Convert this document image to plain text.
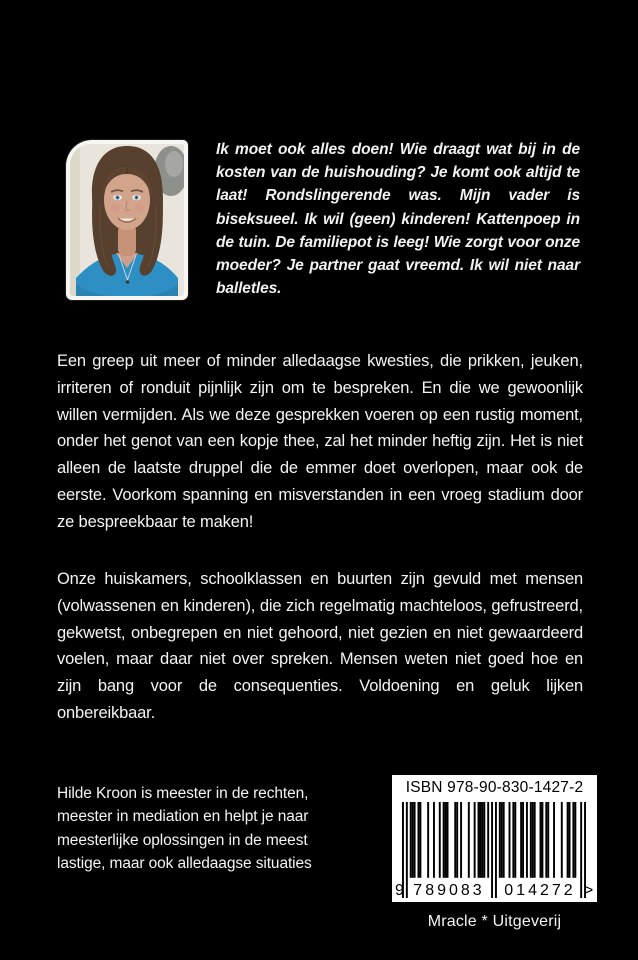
Ik moet ook alles doen! Wie draagt wat bij in de kosten van de huishouding? Je komt ook altijd te laat! Rondslingerende was. Mijn vader is biseksueel. Ik wil (geen) kinderen! Kattenpoep in de tuin. De familiepot is leeg! Wie zorgt voor onze moeder? Je partner gaat vreemd. Ik wil niet naar balletles.
Een greep uit meer of minder alledaagse kwesties, die prikken, jeuken, irriteren of ronduit pijnlijk zijn om te bespreken. En die we gewoonlijk willen vermijden. Als we deze gesprekken voeren op een rustig moment, onder het genot van een kopje thee, zal het minder heftig zijn. Het is niet alleen de laatste druppel die de emmer doet overlopen, maar ook de eerste. Voorkom spanning en misverstanden in een vroeg stadium door ze bespreekbaar te maken!
Onze huiskamers, schoolklassen en buurten zijn gevuld met mensen (volwassenen en kinderen), die zich regelmatig machteloos, gefrustreerd, gekwetst, onbegrepen en niet gehoord, niet gezien en niet gewaardeerd voelen, maar daar niet over spreken. Mensen weten niet goed hoe en zijn bang voor de consequenties. Voldoening en geluk lijken onbereikbaar.
Hilde Kroon is meester in de rechten, meester in mediation en helpt je naar meesterlijke oplossingen in de meest lastige, maar ook alledaagse situaties
ISBN 978-90-830-1427-2
9 789083 014272 >
Mracle * Uitgeverij
